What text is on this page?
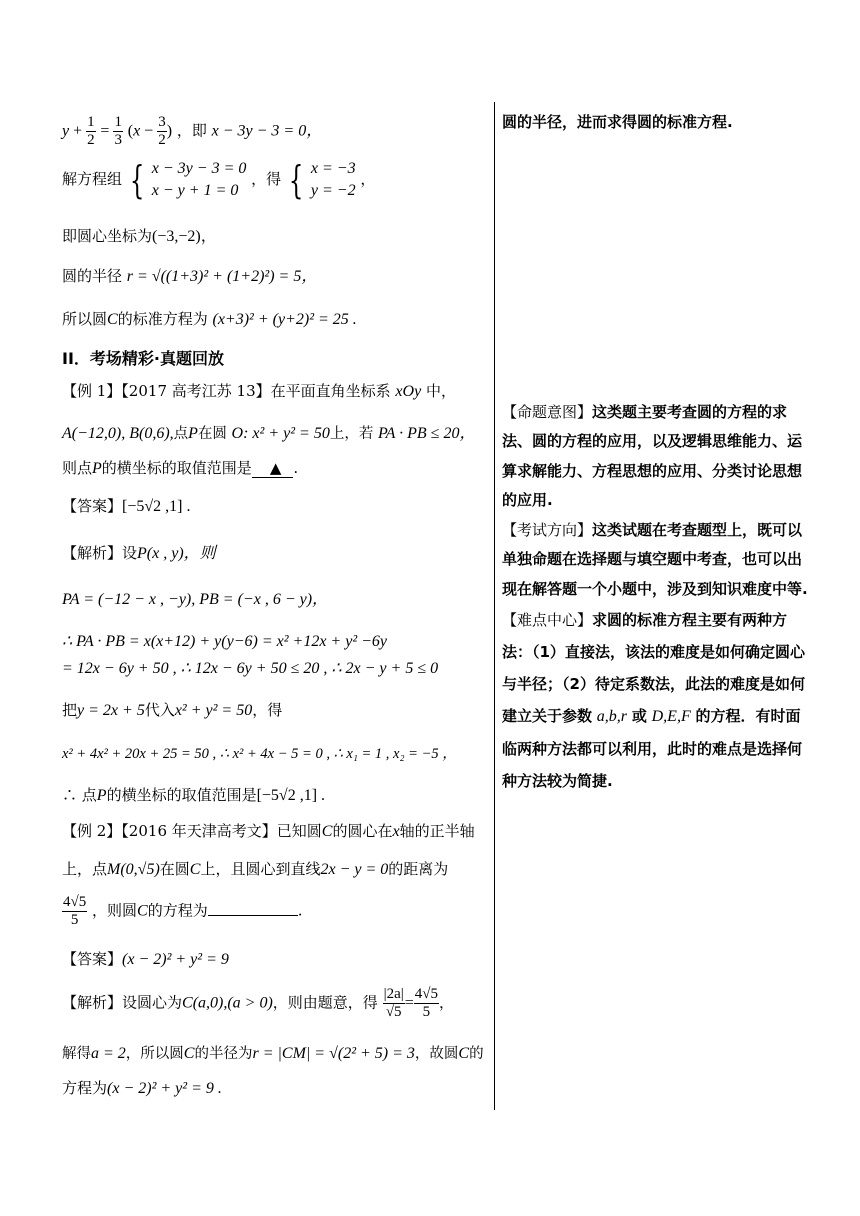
$y + \frac{1}{2} = \frac{1}{3} (x - \frac{3}{2}$ ) ，即 x − 3y − 3 = 0，
解方程组 { x − 3y − 3 = 0
x − y + 1 = 0
，得 { x = −3
y = −2
，
即圆心坐标为(−3,−2)，
圆的半径 r = √((1+3)² + (1+2)²) = 5，
所以圆C的标准方程为 (x+3)² + (y+2)² = 25 .
II．考场精彩·真题回放
【例 1】【2017 高考江苏 13】在平面直角坐标系 xOy 中，
A(−12,0), B(0,6),点P在圆 O: x² + y² = 50上，若 PA · PB ≤ 20，
则点P的横坐标的取值范围是 ▲ .
【答案】[−5√2 ,1] .
【解析】设P(x , y)，则
PA = (−12 − x , −y), PB = (−x , 6 − y)，
∴ PA · PB = x(x+12) + y(y−6) = x² +12x + y² −6y
= 12x − 6y + 50 , ∴ 12x − 6y + 50 ≤ 20 , ∴ 2x − y + 5 ≤ 0
把y = 2x + 5代入x² + y² = 50，得
x² + 4x² + 20x + 25 = 50 , ∴ x² + 4x − 5 = 0 , ∴ x₁ = 1 , x₂ = −5 ，
∴ 点P的横坐标的取值范围是[−5√2 ,1] .
【例 2】【2016 年天津高考文】已知圆C的圆心在x轴的正半轴
上，点M(0,√5)在圆C上，且圆心到直线2x − y = 0的距离为
$\frac{4√5}{5}$ ，则圆C的方程为	.
【答案】(x − 2)² + y² = 9
【解析】设圆心为C(a,0),(a > 0)，则由题意，得 $\frac{|2a|}{√5} = \frac{4√5}{5}$ ，
解得a = 2，所以圆C的半径为r = |CM| = √(2² + 5) = 3，故圆C的
方程为(x − 2)² + y² = 9 .

圆的半径，进而求得圆的标准方程.

【命题意图】这类题主要考查圆的方程的求法、圆的方程的应用，以及逻辑思维能力、运算求解能力、方程思想的应用、分类讨论思想的应用.

【考试方向】这类试题在考查题型上，既可以单独命题在选择题与填空题中考查，也可以出现在解答题一个小题中，涉及到知识难度中等.

【难点中心】求圆的标准方程主要有两种方法：（1）直接法，该法的难度是如何确定圆心与半径；（2）待定系数法，此法的难度是如何建立关于参数 a,b,r 或 D,E,F 的方程．有时面临两种方法都可以利用，此时的难点是选择何种方法较为简捷.
